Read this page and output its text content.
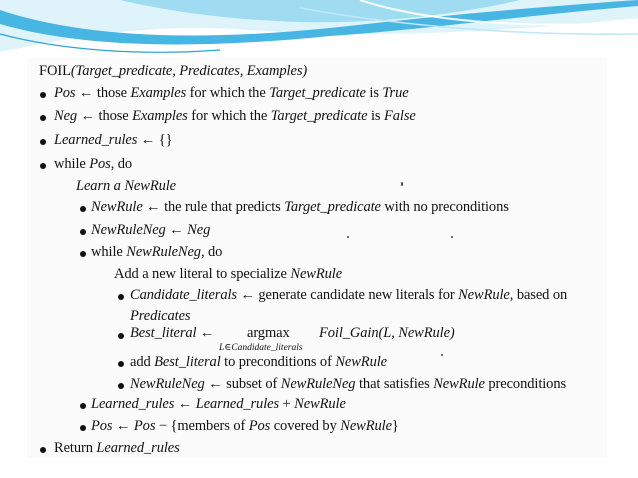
FOIL(Target_predicate, Predicates, Examples)
Pos ← those Examples for which the Target_predicate is True
Neg ← those Examples for which the Target_predicate is False
Learned_rules ← {}
while Pos, do
Learn a NewRule
NewRule ← the rule that predicts Target_predicate with no preconditions
NewRuleNeg ← Neg
while NewRuleNeg, do
Add a new literal to specialize NewRule
Candidate_literals ← generate candidate new literals for NewRule, based on
Predicates
Best_literal ← argmax Foil_Gain(L, NewRule)
L∈Candidate_literals
add Best_literal to preconditions of NewRule
NewRuleNeg ← subset of NewRuleNeg that satisfies NewRule preconditions
Learned_rules ← Learned_rules + NewRule
Pos ← Pos − {members of Pos covered by NewRule}
Return Learned_rules
